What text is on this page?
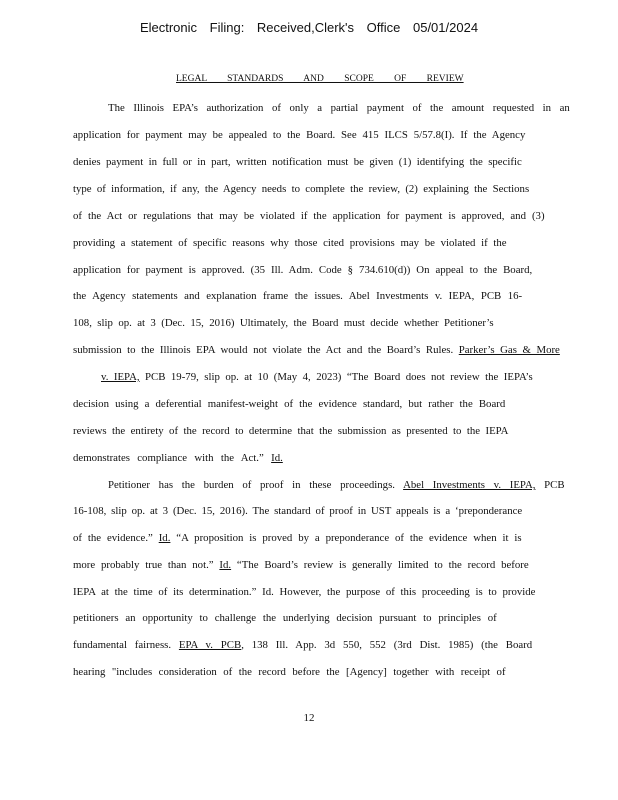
Electronic Filing: Received,Clerk's Office 05/01/2024
LEGAL STANDARDS AND SCOPE OF REVIEW
The Illinois EPA’s authorization of only a partial payment of the amount requested in an
application for payment may be appealed to the Board. See 415 ILCS 5/57.8(I). If the Agency
denies payment in full or in part, written notification must be given (1) identifying the specific
type of information, if any, the Agency needs to complete the review, (2) explaining the Sections
of the Act or regulations that may be violated if the application for payment is approved, and (3)
providing a statement of specific reasons why those cited provisions may be violated if the
application for payment is approved. (35 Ill. Adm. Code § 734.610(d)) On appeal to the Board,
the Agency statements and explanation frame the issues. Abel Investments v. IEPA, PCB 16-
108, slip op. at 3 (Dec. 15, 2016) Ultimately, the Board must decide whether Petitioner’s
submission to the Illinois EPA would not violate the Act and the Board’s Rules. Parker’s Gas & More
v. IEPA, PCB 19-79, slip op. at 10 (May 4, 2023) “The Board does not review the IEPA’s
decision using a deferential manifest-weight of the evidence standard, but rather the Board
reviews the entirety of the record to determine that the submission as presented to the IEPA
demonstrates compliance with the Act.” Id.
Petitioner has the burden of proof in these proceedings. Abel Investments v. IEPA, PCB
16-108, slip op. at 3 (Dec. 15, 2016). The standard of proof in UST appeals is a ‘preponderance
of the evidence.” Id. “A proposition is proved by a preponderance of the evidence when it is
more probably true than not.” Id. “The Board’s review is generally limited to the record before
IEPA at the time of its determination.” Id. However, the purpose of this proceeding is to provide
petitioners an opportunity to challenge the underlying decision pursuant to principles of
fundamental fairness. EPA v. PCB, 138 Ill. App. 3d 550, 552 (3rd Dist. 1985) (the Board
hearing "includes consideration of the record before the [Agency] together with receipt of
12
